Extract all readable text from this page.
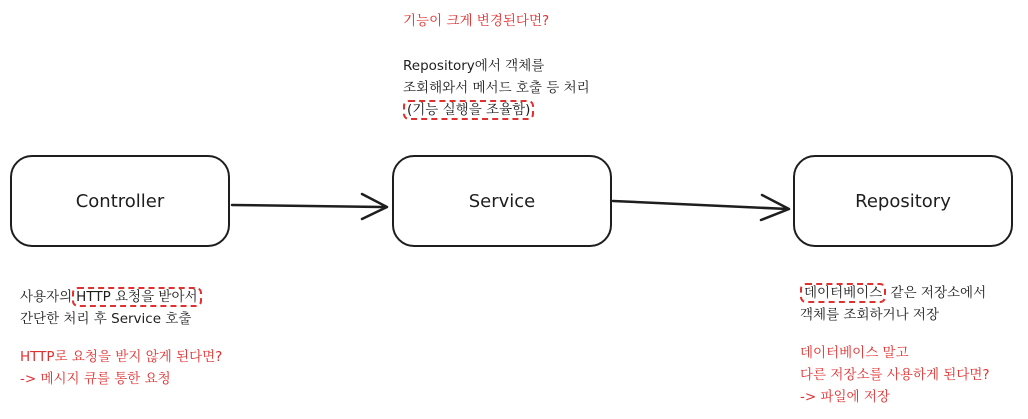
Controller	Service	Repository
기능이 크게 변경된다면?
Repository에서 객체를
조회해와서 메서드 호출 등 처리
(기능 실행을 조율함)
사용자의 HTTP 요청을 받아서
간단한 처리 후 Service 호출
HTTP로 요청을 받지 않게 된다면?
-> 메시지 큐를 통한 요청
데이터베이스 같은 저장소에서
객체를 조회하거나 저장
데이터베이스 말고
다른 저장소를 사용하게 된다면?
-> 파일에 저장
